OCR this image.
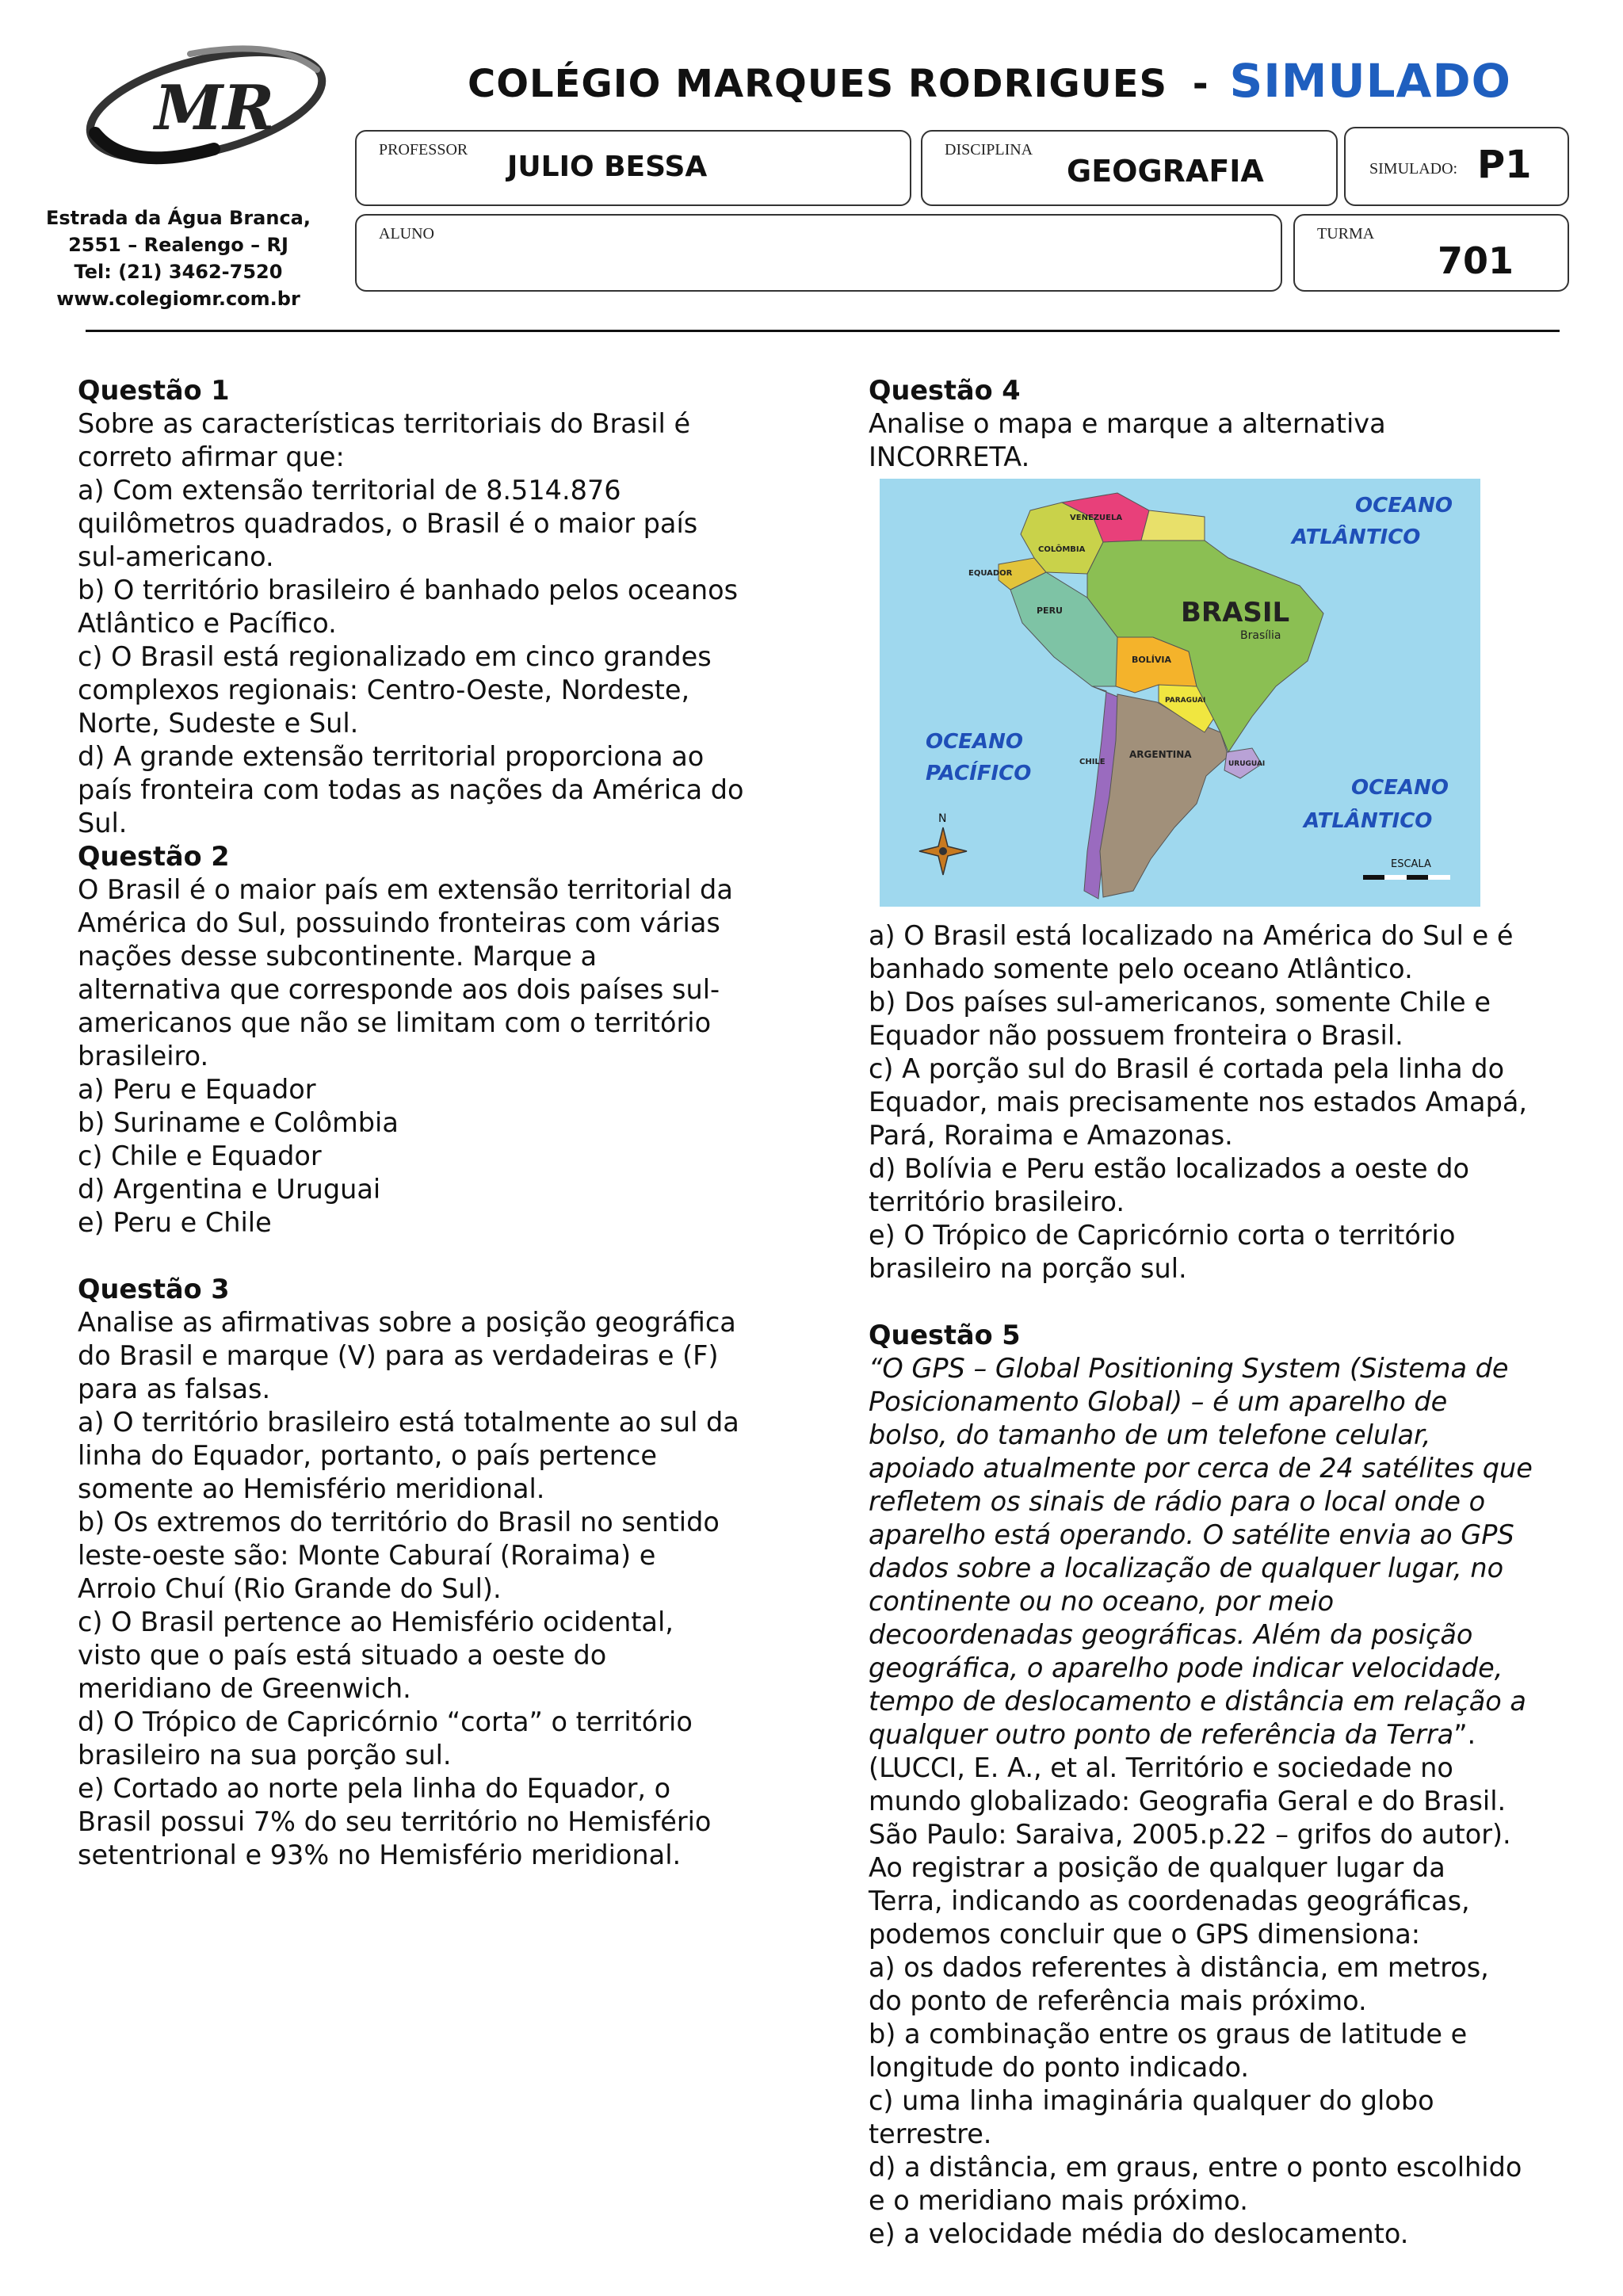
MR
Estrada da Água Branca,
2551 – Realengo – RJ
Tel: (21) 3462-7520
www.colegiomr.com.br
COLÉGIO MARQUES RODRIGUES - SIMULADO
PROFESSOR
JULIO BESSA
DISCIPLINA
GEOGRAFIA	SIMULADO: P1
ALUNO	TURMA
701

Questão 1

Sobre as características territoriais do Brasil é

correto afirmar que:

a) Com extensão territorial de 8.514.876

quilômetros quadrados, o Brasil é o maior país

sul-americano.

b) O território brasileiro é banhado pelos oceanos

Atlântico e Pacífico.

c) O Brasil está regionalizado em cinco grandes

complexos regionais: Centro-Oeste, Nordeste,

Norte, Sudeste e Sul.

d) A grande extensão territorial proporciona ao

país fronteira com todas as nações da América do

Sul.

Questão 2

O Brasil é o maior país em extensão territorial da

América do Sul, possuindo fronteiras com várias

nações desse subcontinente. Marque a

alternativa que corresponde aos dois países sul-

americanos que não se limitam com o território

brasileiro.

a) Peru e Equador

b) Suriname e Colômbia

c) Chile e Equador

d) Argentina e Uruguai

e) Peru e Chile

Questão 3

Analise as afirmativas sobre a posição geográfica

do Brasil e marque (V) para as verdadeiras e (F)

para as falsas.

a) O território brasileiro está totalmente ao sul da

linha do Equador, portanto, o país pertence

somente ao Hemisfério meridional.

b) Os extremos do território do Brasil no sentido

leste-oeste são: Monte Caburaí (Roraima) e

Arroio Chuí (Rio Grande do Sul).

c) O Brasil pertence ao Hemisfério ocidental,

visto que o país está situado a oeste do

meridiano de Greenwich.

d) O Trópico de Capricórnio “corta” o território

brasileiro na sua porção sul.

e) Cortado ao norte pela linha do Equador, o

Brasil possui 7% do seu território no Hemisfério

setentrional e 93% no Hemisfério meridional.

Questão 4

Analise o mapa e marque a alternativa

INCORRETA.

N
ESCALA
OCEANO
ATLÂNTICO
OCEANO
PACÍFICO
OCEANO
ATLÂNTICO
BRASIL
Brasília
VENEZUELA
COLÔMBIA
EQUADOR
PERU
BOLÍVIA
PARAGUAI
CHILE
ARGENTINA
URUGUAI

a) O Brasil está localizado na América do Sul e é

banhado somente pelo oceano Atlântico.

b) Dos países sul-americanos, somente Chile e

Equador não possuem fronteira o Brasil.

c) A porção sul do Brasil é cortada pela linha do

Equador, mais precisamente nos estados Amapá,

Pará, Roraima e Amazonas.

d) Bolívia e Peru estão localizados a oeste do

território brasileiro.

e) O Trópico de Capricórnio corta o território

brasileiro na porção sul.

Questão 5

“O GPS – Global Positioning System (Sistema de

Posicionamento Global) – é um aparelho de

bolso, do tamanho de um telefone celular,

apoiado atualmente por cerca de 24 satélites que

refletem os sinais de rádio para o local onde o

aparelho está operando. O satélite envia ao GPS

dados sobre a localização de qualquer lugar, no

continente ou no oceano, por meio

decoordenadas geográficas. Além da posição

geográfica, o aparelho pode indicar velocidade,

tempo de deslocamento e distância em relação a

qualquer outro ponto de referência da Terra”.

(LUCCI, E. A., et al. Território e sociedade no

mundo globalizado: Geografia Geral e do Brasil.

São Paulo: Saraiva, 2005.p.22 – grifos do autor).

Ao registrar a posição de qualquer lugar da

Terra, indicando as coordenadas geográficas,

podemos concluir que o GPS dimensiona:

a) os dados referentes à distância, em metros,

do ponto de referência mais próximo.

b) a combinação entre os graus de latitude e

longitude do ponto indicado.

c) uma linha imaginária qualquer do globo

terrestre.

d) a distância, em graus, entre o ponto escolhido

e o meridiano mais próximo.

e) a velocidade média do deslocamento.
